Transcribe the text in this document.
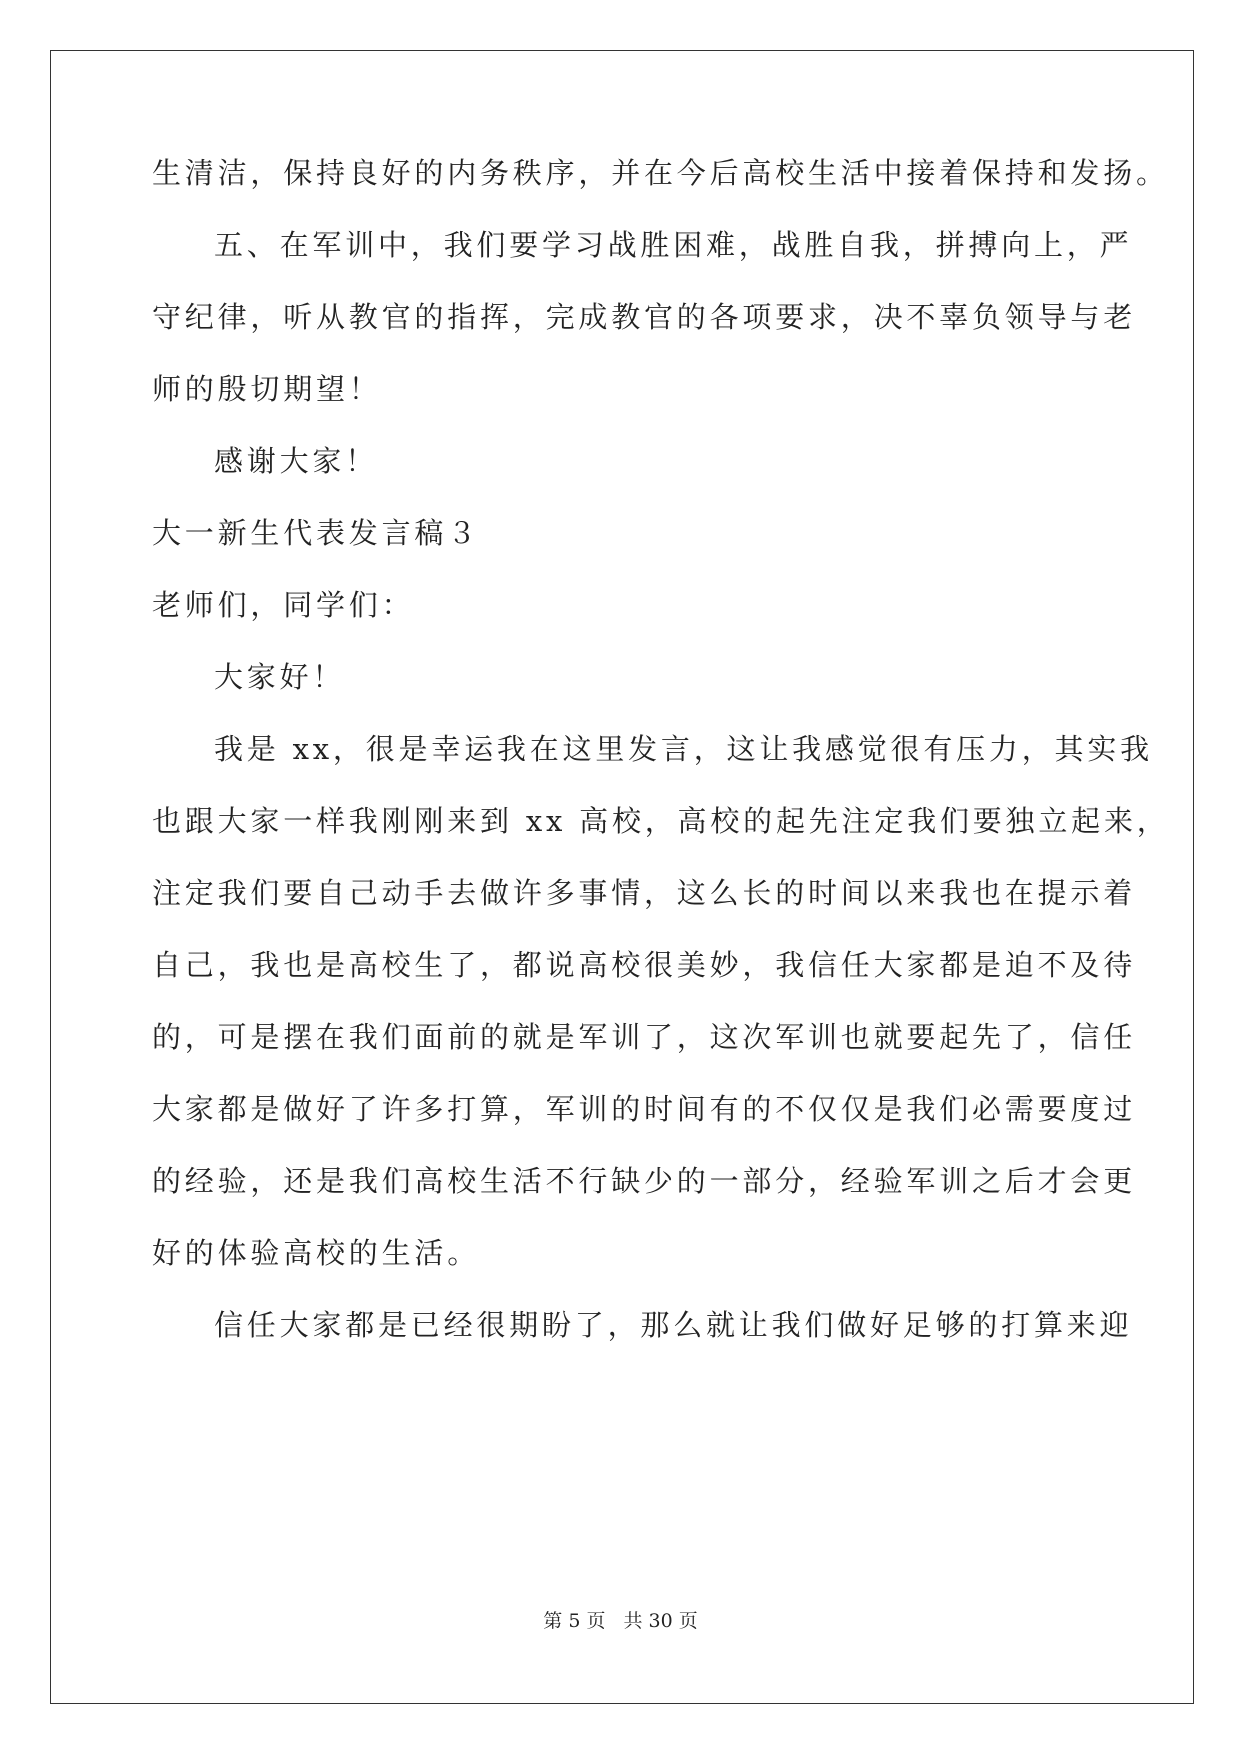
生清洁，保持良好的内务秩序，并在今后高校生活中接着保持和发扬。
五、在军训中，我们要学习战胜困难，战胜自我，拼搏向上，严
守纪律，听从教官的指挥，完成教官的各项要求，决不辜负领导与老
师的殷切期望！
感谢大家！
大一新生代表发言稿３
老师们，同学们：
大家好！
我是 xx，很是幸运我在这里发言，这让我感觉很有压力，其实我
也跟大家一样我刚刚来到 xx 高校，高校的起先注定我们要独立起来，
注定我们要自己动手去做许多事情，这么长的时间以来我也在提示着
自己，我也是高校生了，都说高校很美妙，我信任大家都是迫不及待
的，可是摆在我们面前的就是军训了，这次军训也就要起先了，信任
大家都是做好了许多打算，军训的时间有的不仅仅是我们必需要度过
的经验，还是我们高校生活不行缺少的一部分，经验军训之后才会更
好的体验高校的生活。
信任大家都是已经很期盼了，那么就让我们做好足够的打算来迎
第 5 页 共 30 页
